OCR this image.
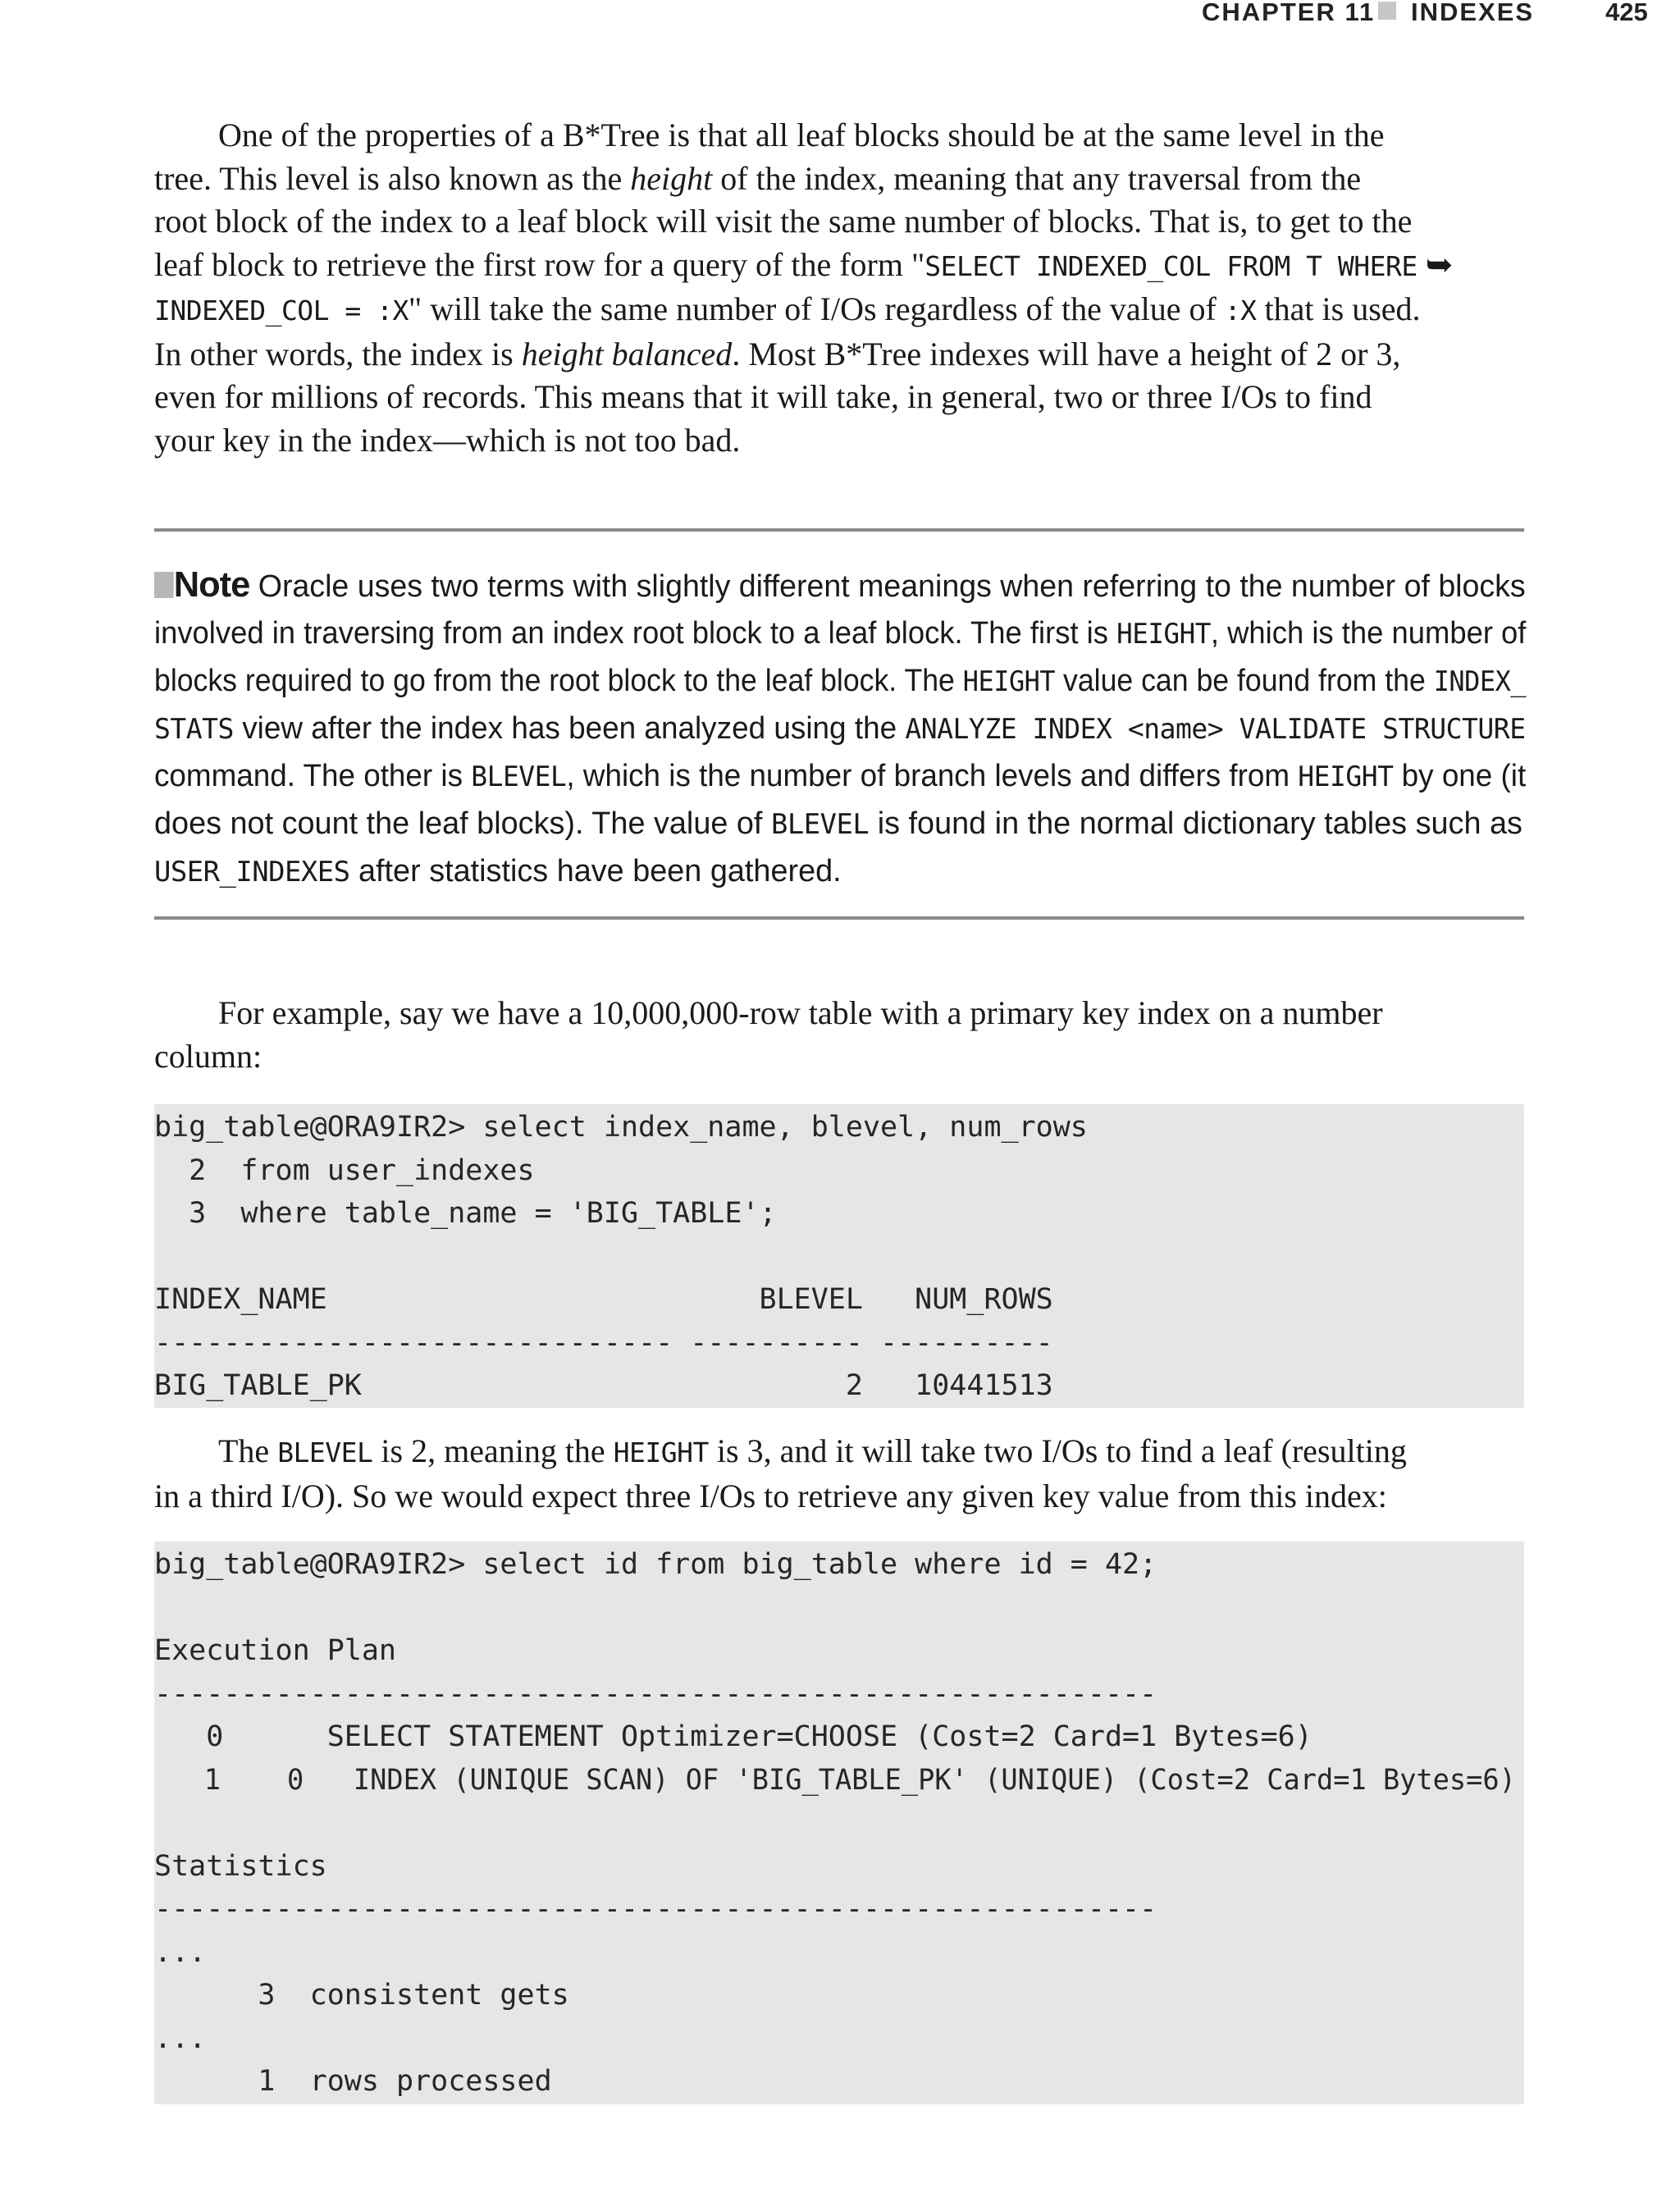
CHAPTER 11 INDEXES	425
One of the properties of a B*Tree is that all leaf blocks should be at the same level in the
tree. This level is also known as the height of the index, meaning that any traversal from the
root block of the index to a leaf block will visit the same number of blocks. That is, to get to the
leaf block to retrieve the first row for a query of the form "SELECT INDEXED_COL FROM T WHERE ➥
INDEXED_COL = :X" will take the same number of I/Os regardless of the value of :X that is used.
In other words, the index is height balanced. Most B*Tree indexes will have a height of 2 or 3,
even for millions of records. This means that it will take, in general, two or three I/Os to find
your key in the index—which is not too bad.
Note Oracle uses two terms with slightly different meanings when referring to the number of blocks
involved in traversing from an index root block to a leaf block. The first is HEIGHT, which is the number of
blocks required to go from the root block to the leaf block. The HEIGHT value can be found from the INDEX_
STATS view after the index has been analyzed using the ANALYZE INDEX <name> VALIDATE STRUCTURE
command. The other is BLEVEL, which is the number of branch levels and differs from HEIGHT by one (it
does not count the leaf blocks). The value of BLEVEL is found in the normal dictionary tables such as
USER_INDEXES after statistics have been gathered.
For example, say we have a 10,000,000-row table with a primary key index on a number
column:
big_table@ORA9IR2> select index_name, blevel, num_rows
2  from user_indexes
3  where table_name = 'BIG_TABLE';
INDEX_NAME                         BLEVEL   NUM_ROWS
------------------------------ ---------- ----------
BIG_TABLE_PK                            2   10441513
The BLEVEL is 2, meaning the HEIGHT is 3, and it will take two I/Os to find a leaf (resulting
in a third I/O). So we would expect three I/Os to retrieve any given key value from this index:
big_table@ORA9IR2> select id from big_table where id = 42;
Execution Plan
----------------------------------------------------------
0      SELECT STATEMENT Optimizer=CHOOSE (Cost=2 Card=1 Bytes=6)
1    0   INDEX (UNIQUE SCAN) OF 'BIG_TABLE_PK' (UNIQUE) (Cost=2 Card=1 Bytes=6)
Statistics
----------------------------------------------------------
...
3  consistent gets
...
1  rows processed
